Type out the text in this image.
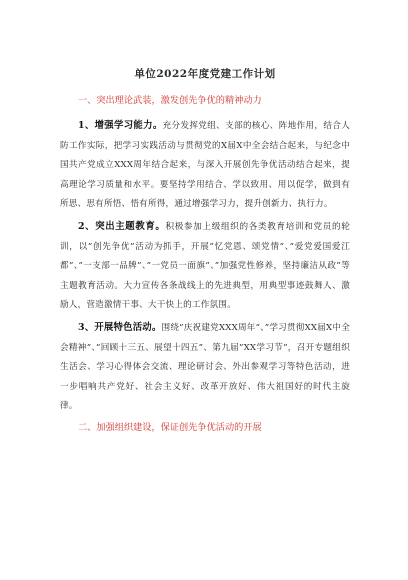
单位2022年度党建工作计划
一、突出理论武装，激发创先争优的精神动力

1、增强学习能力。充分发挥党组、支部的核心、阵地作用，结合人防工作实际，把学习实践活动与贯彻党的X届X中全会结合起来，与纪念中国共产党成立XXX周年结合起来，与深入开展创先争优活动结合起来，提高理论学习质量和水平。要坚持学用结合、学以致用、用以促学，做到有所思、思有所悟、悟有所得，通过增强学习力，提升创新力、执行力。

2、突出主题教育。积极参加上级组织的各类教育培训和党员的轮训，以”创先争优”活动为抓手，开展”忆党恩、颂党情”、”爱党爱国爱江都”、”一支部一品牌”、”一党员一面旗”、”加强党性修养，坚持廉洁从政”等主题教育活动。大力宣传各条战线上的先进典型，用典型事迹鼓舞人、激励人，营造激情干事、大干快上的工作氛围。

3、开展特色活动。围绕”庆祝建党XXX周年”、”学习贯彻XX届X中全会精神”、”回顾十三五、展望十四五”、第九届”XX学习节”，召开专题组织生活会、学习心得体会交流、理论研讨会、外出参观学习等特色活动，进一步唱响共产党好、社会主义好、改革开放好、伟大祖国好的时代主旋律。

二、加强组织建设，保证创先争优活动的开展
